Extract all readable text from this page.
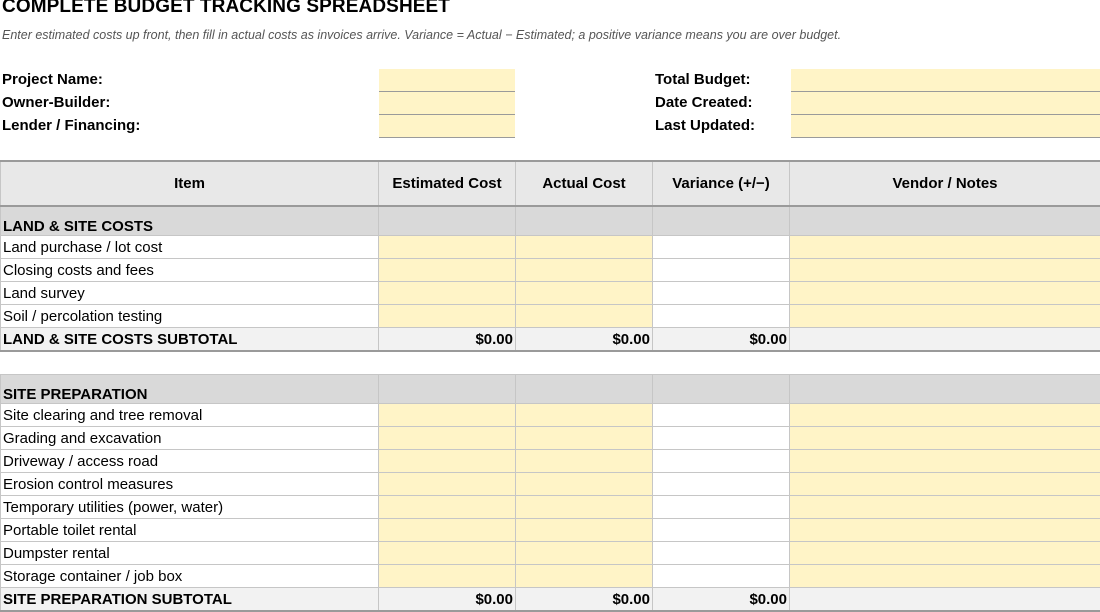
COMPLETE BUDGET TRACKING SPREADSHEET
Enter estimated costs up front, then fill in actual costs as invoices arrive. Variance = Actual − Estimated; a positive variance means you are over budget.
Project Name:
Owner-Builder:
Lender / Financing:
Total Budget:
Date Created:
Last Updated:
Item	Estimated Cost	Actual Cost	Variance (+/−)	Vendor / Notes
LAND & SITE COSTS				
Land purchase / lot cost				
Closing costs and fees				
Land survey				
Soil / percolation testing				
LAND & SITE COSTS SUBTOTAL	$0.00	$0.00	$0.00	

SITE PREPARATION				
Site clearing and tree removal				
Grading and excavation				
Driveway / access road				
Erosion control measures				
Temporary utilities (power, water)				
Portable toilet rental				
Dumpster rental				
Storage container / job box				
SITE PREPARATION SUBTOTAL	$0.00	$0.00	$0.00	
